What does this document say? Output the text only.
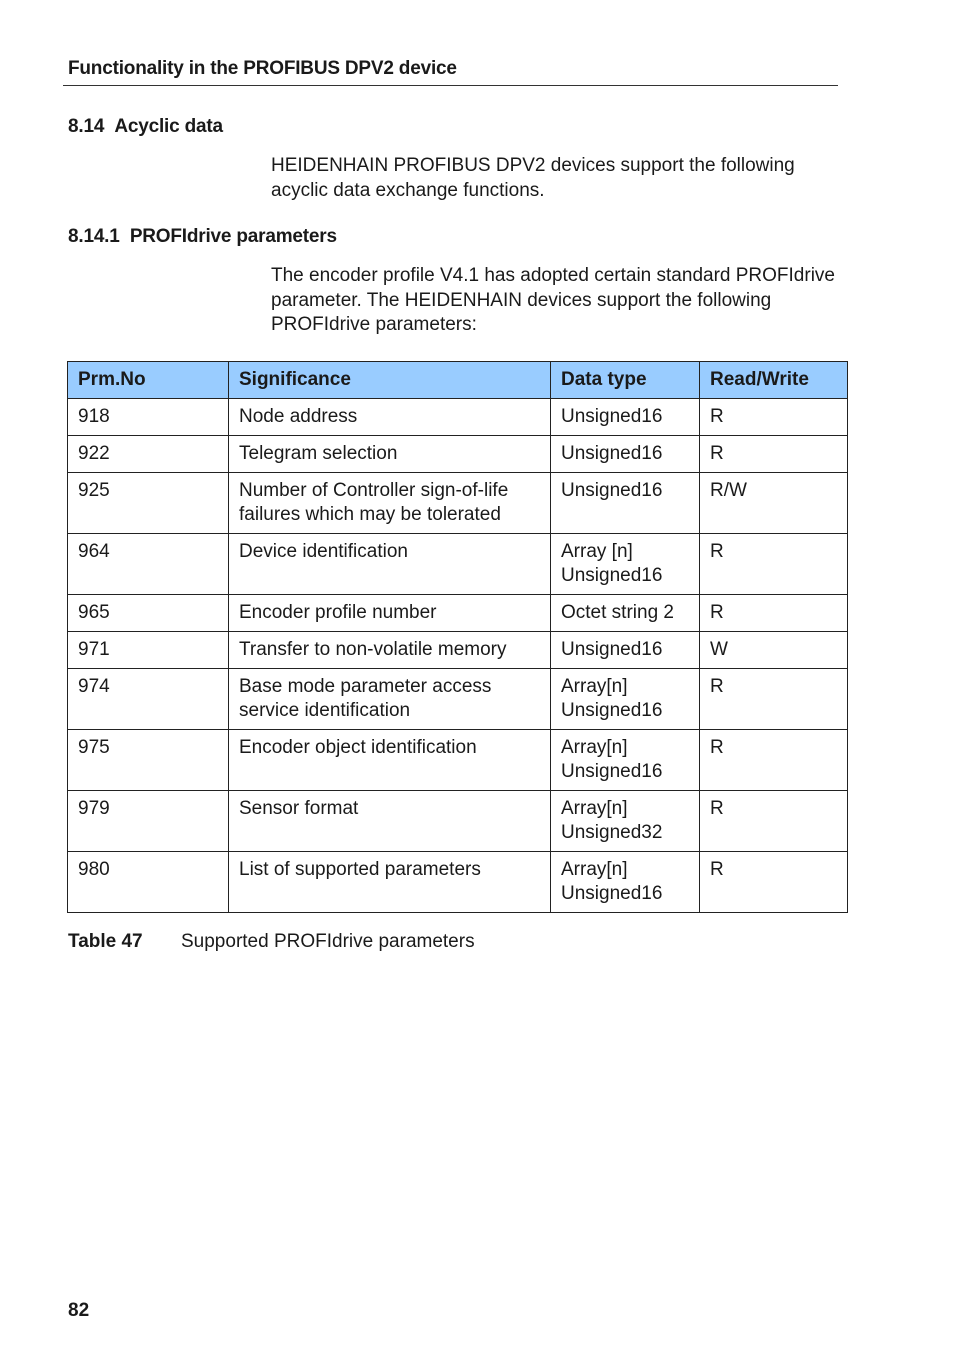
Functionality in the PROFIBUS DPV2 device
8.14 Acyclic data
HEIDENHAIN PROFIBUS DPV2 devices support the following acyclic data exchange functions.
8.14.1 PROFIdrive parameters
The encoder profile V4.1 has adopted certain standard PROFIdrive parameter. The HEIDENHAIN devices support the following PROFIdrive parameters:
Prm.No	Significance	Data type	Read/Write
918	Node address	Unsigned16	R
922	Telegram selection	Unsigned16	R
925	Number of Controller sign-of-life failures which may be tolerated	Unsigned16	R/W
964	Device identification	Array [n] Unsigned16	R
965	Encoder profile number	Octet string 2	R
971	Transfer to non-volatile memory	Unsigned16	W
974	Base mode parameter access service identification	Array[n] Unsigned16	R
975	Encoder object identification	Array[n] Unsigned16	R
979	Sensor format	Array[n] Unsigned32	R
980	List of supported parameters	Array[n] Unsigned16	R
Table 47 Supported PROFIdrive parameters
82
